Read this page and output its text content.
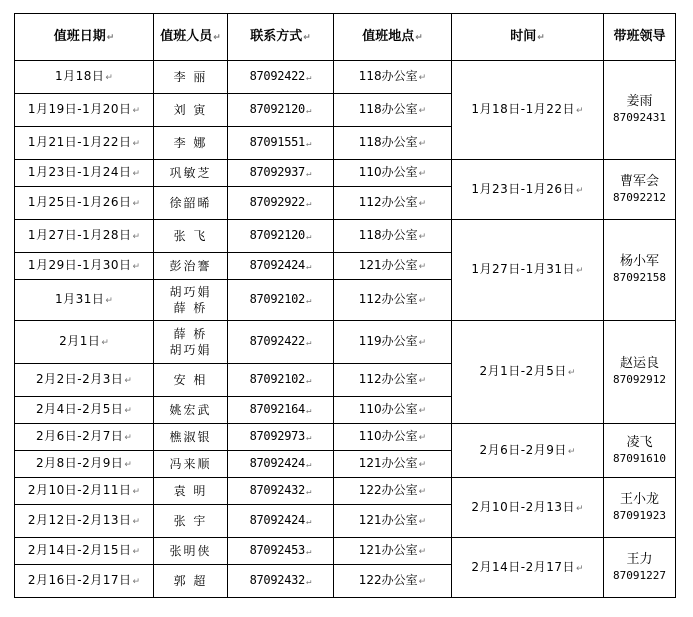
值班日期↵	值班人员↵	联系方式↵	值班地点↵	时间↵	带班领导
1月18日↵	李 丽	87092422↵	118办公室↵	1月18日-1月22日↵	姜雨
87092431

1月19日-1月20日↵	刘 寅	87092120↵	118办公室↵		
1月21日-1月22日↵	李 娜	87091551↵	118办公室↵		
1月23日-1月24日↵	巩敏芝	87092937↵	110办公室↵	1月23日-1月26日↵	曹军会
87092212

1月25日-1月26日↵	徐韶晞	87092922↵	112办公室↵		
1月27日-1月28日↵	张 飞	87092120↵	118办公室↵	1月27日-1月31日↵	杨小军
87092158

1月29日-1月30日↵	彭治謇	87092424↵	121办公室↵		
1月31日↵	胡巧娟
薛 桥	87092102↵	112办公室↵		
2月1日↵	薛 桥
胡巧娟	87092422↵	119办公室↵	2月1日-2月5日↵	赵运良
87092912

2月2日-2月3日↵	安 相	87092102↵	112办公室↵		
2月4日-2月5日↵	姚宏武	87092164↵	110办公室↵		
2月6日-2月7日↵	樵淑银	87092973↵	110办公室↵	2月6日-2月9日↵	凌飞
87091610

2月8日-2月9日↵	冯来顺	87092424↵	121办公室↵		
2月10日-2月11日↵	袁 明	87092432↵	122办公室↵	2月10日-2月13日↵	王小龙
87091923

2月12日-2月13日↵	张 宇	87092424↵	121办公室↵		
2月14日-2月15日↵	张明侠	87092453↵	121办公室↵	2月14日-2月17日↵	王力
87091227

2月16日-2月17日↵	郭 超	87092432↵	122办公室↵		
